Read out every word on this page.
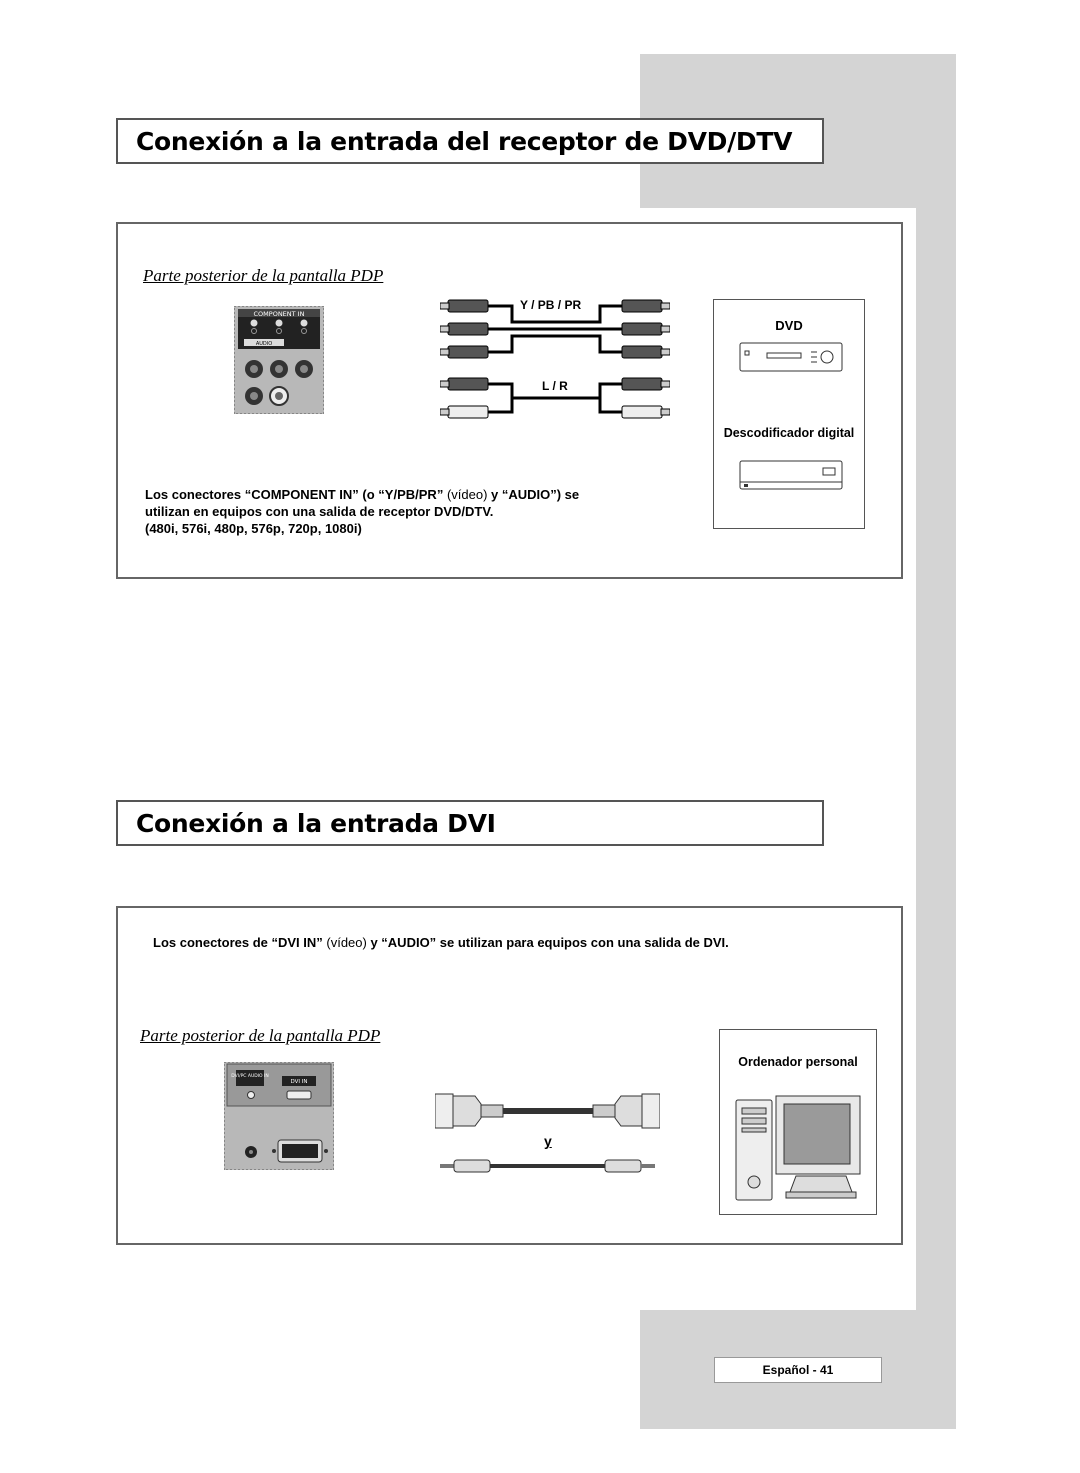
Conexión a la entrada del receptor de DVD/DTV
Parte posterior de la pantalla PDP
COMPONENT IN
AUDIO
Y / PB / PR
L / R
DVD
Descodificador digital
Los conectores “COMPONENT IN” (o “Y/PB/PR” (vídeo) y “AUDIO”) se
utilizan en equipos con una salida de receptor DVD/DTV.
(480i, 576i, 480p, 576p, 720p, 1080i)
Conexión a la entrada DVI
Los conectores de “DVI IN” (vídeo) y “AUDIO” se utilizan para equipos con una salida de DVI.
Parte posterior de la pantalla PDP
DVI/PC AUDIO IN
DVI IN
y
Ordenador personal
Español - 41
